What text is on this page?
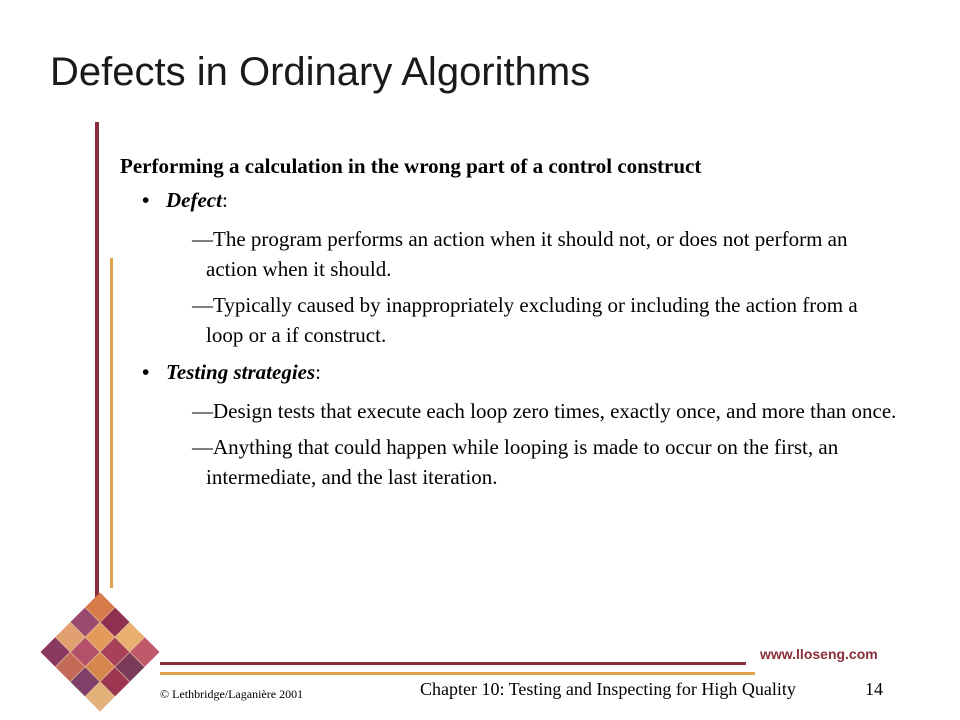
Defects in Ordinary Algorithms
Performing a calculation in the wrong part of a control construct
• Defect:
—The program performs an action when it should not, or does not perform an action when it should.
—Typically caused by inappropriately excluding or including the action from a loop or a if construct.
• Testing strategies:
—Design tests that execute each loop zero times, exactly once, and more than once.
—Anything that could happen while looping is made to occur on the first, an intermediate, and the last iteration.
www.lloseng.com
© Lethbridge/Laganière 2001	Chapter 10: Testing and Inspecting for High Quality	14
